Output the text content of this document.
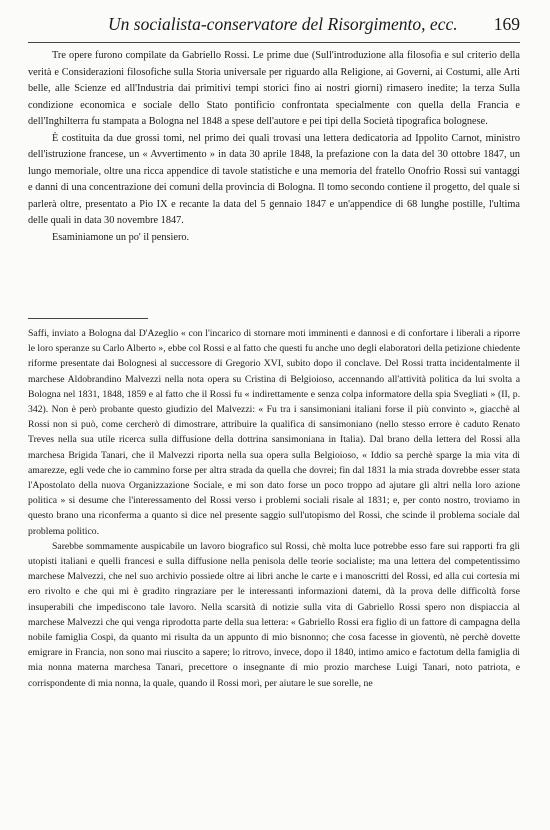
Un socialista-conservatore del Risorgimento, ecc. 169

Tre opere furono compilate da Gabriello Rossi. Le prime due (Sull'introduzione alla filosofia e sul criterio della verità e Considerazioni filosofiche sulla Storia universale per riguardo alla Religione, ai Governi, ai Costumi, alle Arti belle, alle Scienze ed all'Industria dai primitivi tempi storici fino ai nostri giorni) rimasero inedite; la terza Sulla condizione economica e sociale dello Stato pontificio confrontata specialmente con quella della Francia e dell'Inghilterra fu stampata a Bologna nel 1848 a spese dell'autore e pei tipi della Società tipografica bolognese.

È costituita da due grossi tomi, nel primo dei quali trovasi una lettera dedicatoria ad Ippolito Carnot, ministro dell'istruzione francese, un « Avvertimento » in data 30 aprile 1848, la prefazione con la data del 30 ottobre 1847, un lungo memoriale, oltre una ricca appendice di tavole statistiche e una memoria del fratello Onofrio Rossi sui vantaggi e danni di una concentrazione dei comuni della provincia di Bologna. Il tomo secondo contiene il progetto, del quale si parlerà oltre, presentato a Pio IX e recante la data del 5 gennaio 1847 e un'appendice di 68 lunghe postille, l'ultima delle quali in data 30 novembre 1847.

Esaminiamone un po' il pensiero.

Saffi, inviato a Bologna dal D'Azeglio « con l'incarico di stornare moti imminenti e dannosi e di confortare i liberali a riporre le loro speranze su Carlo Alberto », ebbe col Rossi e al fatto che questi fu anche uno degli elaboratori della petizione chiedente riforme presentate dai Bolognesi al successore di Gregorio XVI, subito dopo il conclave. Del Rossi tratta incidentalmente il marchese Aldobrandino Malvezzi nella nota opera su Cristina di Belgioioso, accennando all'attività politica da lui svolta a Bologna nel 1831, 1848, 1859 e al fatto che il Rossi fu « indirettamente e senza colpa informatore della spia Svegliati » (II, p. 342). Non è però probante questo giudizio del Malvezzi: « Fu tra i sansimoniani italiani forse il più convinto », giacchè al Rossi non si può, come cercherò di dimostrare, attribuire la qualifica di sansimoniano (nello stesso errore è caduto Renato Treves nella sua utile ricerca sulla diffusione della dottrina sansimoniana in Italia). Dal brano della lettera del Rossi alla marchesa Brigida Tanari, che il Malvezzi riporta nella sua opera sulla Belgioioso, « Iddio sa perchè sparge la mia vita di amarezze, egli vede che io cammino forse per altra strada da quella che dovrei; fin dal 1831 la mia strada dovrebbe esser stata l'Apostolato della nuova Organizzazione Sociale, e mi son dato forse un poco troppo ad ajutare gli altri nella loro azione politica » si desume che l'interessamento del Rossi verso i problemi sociali risale al 1831; e, per conto nostro, troviamo in questo brano una riconferma a quanto si dice nel presente saggio sull'utopismo del Rossi, che scinde il problema sociale dal problema politico.

Sarebbe sommamente auspicabile un lavoro biografico sul Rossi, chè molta luce potrebbe esso fare sui rapporti fra gli utopisti italiani e quelli francesi e sulla diffusione nella penisola delle teorie socialiste; ma una lettera del competentissimo marchese Malvezzi, che nel suo archivio possiede oltre ai libri anche le carte e i manoscritti del Rossi, ed alla cui cortesia mi ero rivolto e che qui mi è gradito ringraziare per le interessanti informazioni datemi, dà la prova delle difficoltà forse insuperabili che impediscono tale lavoro. Nella scarsità di notizie sulla vita di Gabriello Rossi spero non dispiaccia al marchese Malvezzi che qui venga riprodotta parte della sua lettera: « Gabriello Rossi era figlio di un fattore di campagna della nobile famiglia Cospi, da quanto mi risulta da un appunto di mio bisnonno; che cosa facesse in gioventù, nè perchè dovette emigrare in Francia, non sono mai riuscito a sapere; lo ritrovo, invece, dopo il 1840, intimo amico e factotum della famiglia di mia nonna materna marchesa Tanari, precettore o insegnante di mio prozio marchese Luigi Tanari, noto patriota, e corrispondente di mia nonna, la quale, quando il Rossi morì, per aiutare le sue sorelle, ne
